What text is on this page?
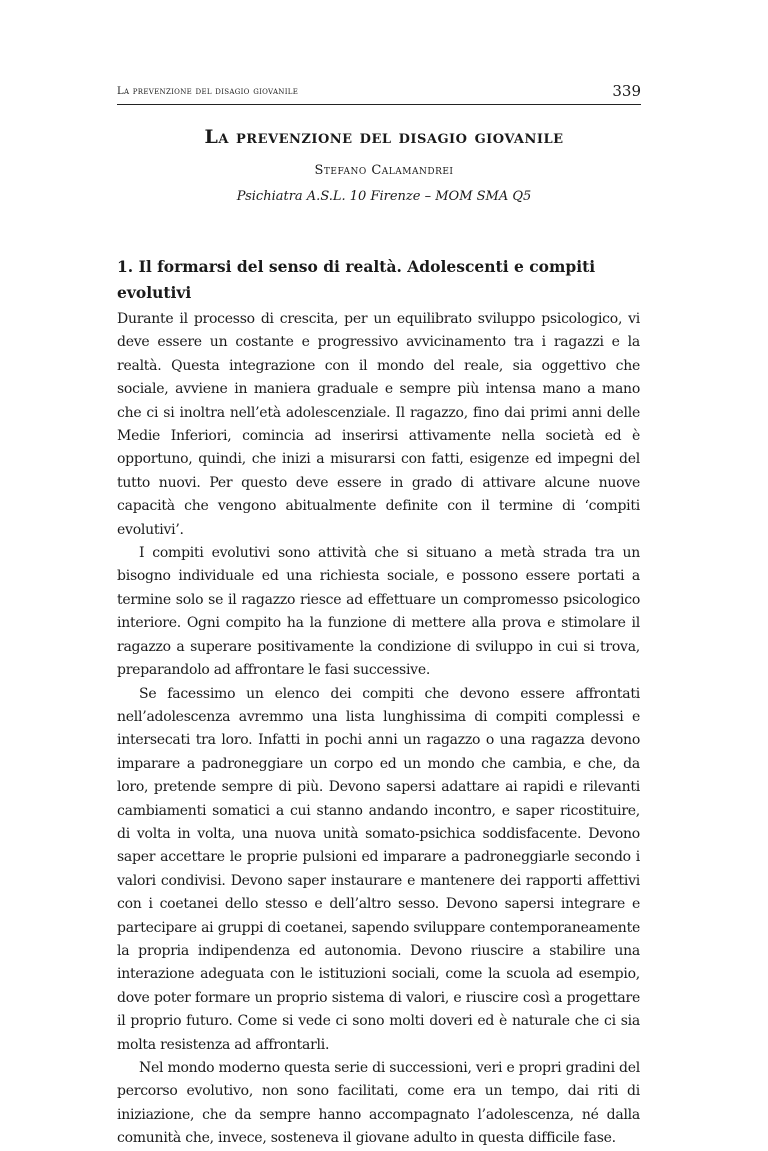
La prevenzione del disagio giovanile	339
La prevenzione del disagio giovanile
Stefano Calamandrei
Psichiatra A.S.L. 10 Firenze – MOM SMA Q5
1. Il formarsi del senso di realtà. Adolescenti e compiti evolutivi

Durante il processo di crescita, per un equilibrato sviluppo psicologico, vi deve essere un costante e progressivo avvicinamento tra i ragazzi e la realtà. Questa integrazione con il mondo del reale, sia oggettivo che sociale, avviene in maniera graduale e sempre più intensa mano a mano che ci si inoltra nell’età adolescenziale. Il ragazzo, fino dai primi anni delle Medie Inferiori, comincia ad inserirsi attivamente nella società ed è opportuno, quindi, che inizi a misurarsi con fatti, esigenze ed impegni del tutto nuovi. Per questo deve essere in grado di attivare alcune nuove capacità che vengono abitualmente definite con il termine di ‘compiti evolutivi’.

I compiti evolutivi sono attività che si situano a metà strada tra un bisogno individuale ed una richiesta sociale, e possono essere portati a termine solo se il ragazzo riesce ad effettuare un compromesso psicologico interiore. Ogni compito ha la funzione di mettere alla prova e stimolare il ragazzo a superare positivamente la condizione di sviluppo in cui si trova, preparandolo ad affrontare le fasi successive.

Se facessimo un elenco dei compiti che devono essere affrontati nell’adolescenza avremmo una lista lunghissima di compiti complessi e intersecati tra loro. Infatti in pochi anni un ragazzo o una ragazza devono imparare a padroneggiare un corpo ed un mondo che cambia, e che, da loro, pretende sempre di più. Devono sapersi adattare ai rapidi e rilevanti cambiamenti somatici a cui stanno andando incontro, e saper ricostituire, di volta in volta, una nuova unità somato-psichica soddisfacente. Devono saper accettare le proprie pulsioni ed imparare a padroneggiarle secondo i valori condivisi. Devono saper instaurare e mantenere dei rapporti affettivi con i coetanei dello stesso e dell’altro sesso. Devono sapersi integrare e partecipare ai gruppi di coetanei, sapendo sviluppare contemporaneamente la propria indipendenza ed autonomia. Devono riuscire a stabilire una interazione adeguata con le istituzioni sociali, come la scuola ad esempio, dove poter formare un proprio sistema di valori, e riuscire così a progettare il proprio futuro. Come si vede ci sono molti doveri ed è naturale che ci sia molta resistenza ad affrontarli.

Nel mondo moderno questa serie di successioni, veri e propri gradini del percorso evolutivo, non sono facilitati, come era un tempo, dai riti di iniziazione, che da sempre hanno accompagnato l’adolescenza, né dalla comunità che, invece, sosteneva il giovane adulto in questa difficile fase.
